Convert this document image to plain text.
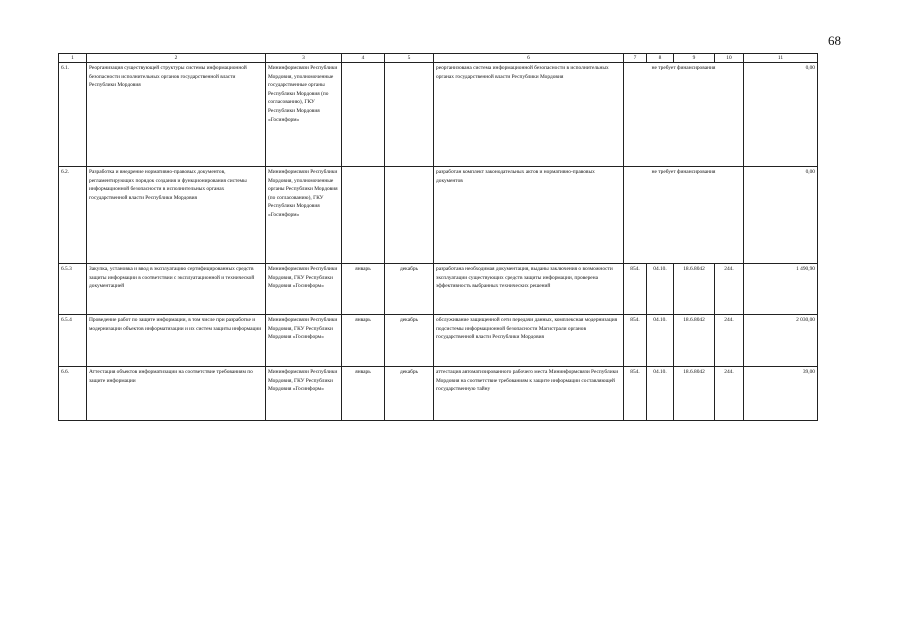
68
1	2	3	4	5	6	7	8	9	10	11
6.1.	Реорганизация существующей структуры системы информационной безопасности исполнительных органов государственной власти Республики Мордовия	Мининформсвязи Республики Мордовия, уполномоченные государственные органы Республики Мордовия (по согласованию), ГКУ Республики Мордовия «Госинформ»			реорганизована система информационной безопасности в исполнительных органах государственной власти Республики Мордовия	не требует финансирования				0,00
6.2.	Разработка и внедрение нормативно-правовых документов, регламентирующих порядок создания и функционирования системы информационной безопасности в исполнительных органах государственной власти Республики Мордовия	Мининформсвязи Республики Мордовия, уполномоченные органы Республики Мордовия (по согласованию), ГКУ Республики Мордовия «Госинформ»			разработан комплект законодательных актов и нормативно-правовых документов	не требует финансирования				0,00
6.5.3	Закупка, установка и ввод в эксплуатацию сертифицированных средств защиты информации в соответствии с эксплуатационной и технической документацией	Мининформсвязи Республики Мордовия, ГКУ Республики Мордовия «Госинформ»	январь	декабрь	разработана необходимая документация, выданы заключения о возможности эксплуатации существующих средств защиты информации, проверена эффективность выбранных технических решений	854.	04.10.	18.6.8042	244.	1 490,90
6.5.4	Проведение работ по защите информации, в том числе при разработке и модернизации объектов информатизации и их систем защиты информации	Мининформсвязи Республики Мордовия, ГКУ Республики Мордовия «Госинформ»	январь	декабрь	обслуживание защищенной сети передачи данных, комплексная модернизация подсистемы информационной безопасности Магистрали органов государственной власти Республики Мордовия	854.	04.10.	18.6.8042	244.	2 030,00
6.6.	Аттестация объектов информатизации на соответствие требованиям по защите информации	Мининформсвязи Республики Мордовия, ГКУ Республики Мордовия «Госинформ»	январь	декабрь	аттестация автоматизированного рабочего места Мининформсвязи Республики Мордовия на соответствие требованиям к защите информации составляющей государственную тайну	854.	04.10.	18.6.8042	244.	39,00
